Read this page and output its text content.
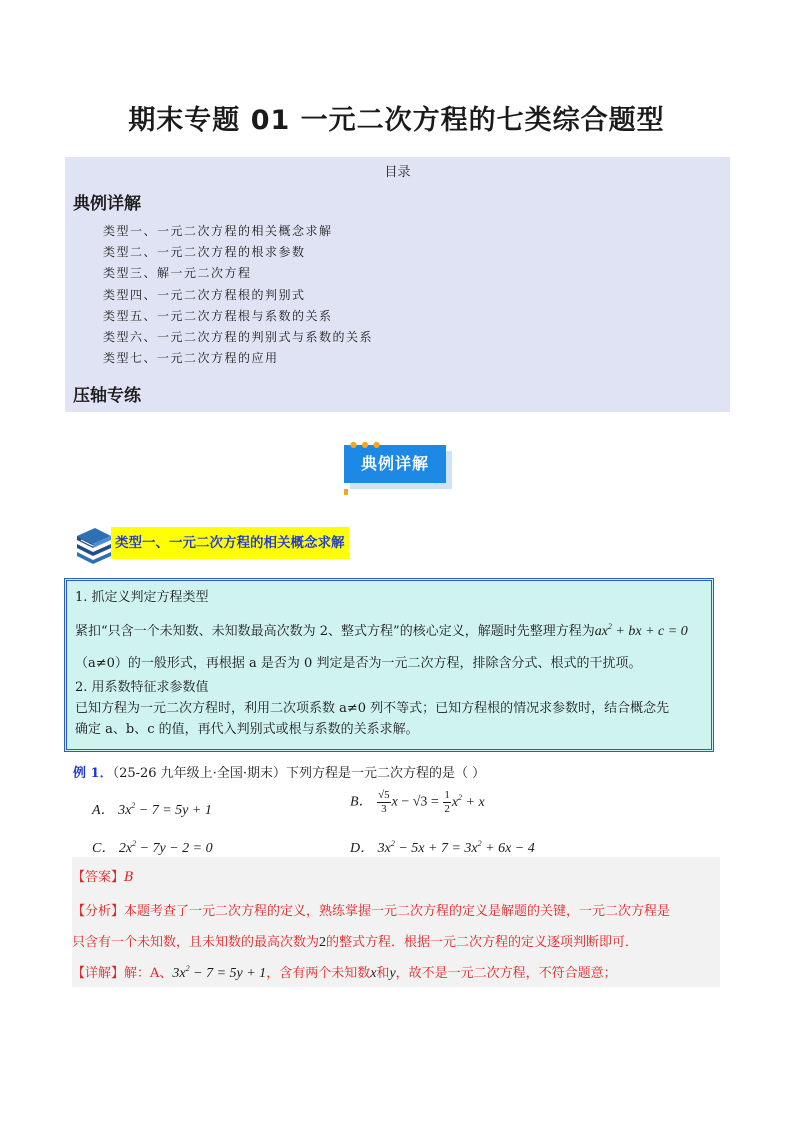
期末专题 01 一元二次方程的七类综合题型
目录
典例详解
类型一、一元二次方程的相关概念求解
类型二、一元二次方程的根求参数
类型三、解一元二次方程
类型四、一元二次方程根的判别式
类型五、一元二次方程根与系数的关系
类型六、一元二次方程的判别式与系数的关系
类型七、一元二次方程的应用
压轴专练
典例详解
● ● ●
类型一、一元二次方程的相关概念求解
1. 抓定义判定方程类型
紧扣“只含一个未知数、未知数最高次数为 2、整式方程”的核心定义，解题时先整理方程为$ax^2$ + bx + c = 0
（a≠0）的一般形式，再根据 a 是否为 0 判定是否为一元二次方程，排除含分式、根式的干扰项。
2. 用系数特征求参数值
已知方程为一元二次方程时，利用二次项系数 a≠0 列不等式；已知方程根的情况求参数时，结合概念先
确定 a、b、c 的值，再代入判别式或根与系数的关系求解。
例 1．（25-26 九年级上·全国·期末）下列方程是一元二次方程的是（ ）
A． $3x^2 - 7 = 5y + 1$
B． $\frac{√5}{3}$ $x - √3 = \frac{1}{2} x^2 + x$
C． $2x^2 - 7y - 2 = 0$	D． $3x^2 - 5x + 7 = 3x^2 + 6x - 4$
【答案】B
【分析】本题考查了一元二次方程的定义，熟练掌握一元二次方程的定义是解题的关键，一元二次方程是
只含有一个未知数，且未知数的最高次数为2的整式方程．根据一元二次方程的定义逐项判断即可．
【详解】解：A、$3x^2 - 7 = 5y + 1$，含有两个未知数x和y，故不是一元二次方程，不符合题意；
